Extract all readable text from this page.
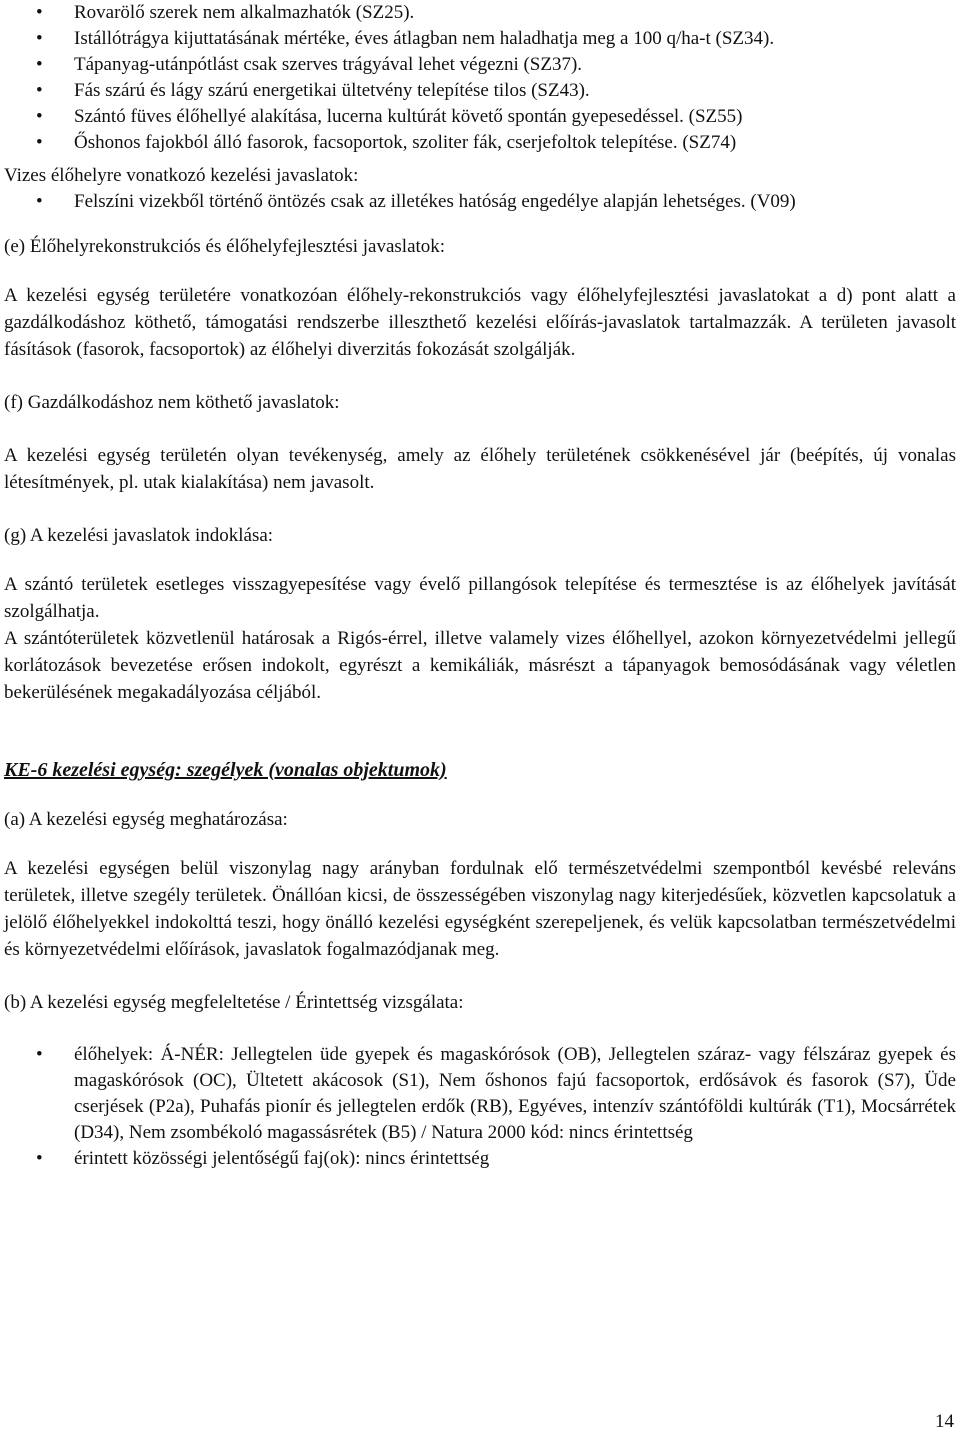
• Rovarölő szerek nem alkalmazhatók (SZ25).
• Istállótrágya kijuttatásának mértéke, éves átlagban nem haladhatja meg a 100 q/ha-t (SZ34).
• Tápanyag-utánpótlást csak szerves trágyával lehet végezni (SZ37).
• Fás szárú és lágy szárú energetikai ültetvény telepítése tilos (SZ43).
• Szántó füves élőhellyé alakítása, lucerna kultúrát követő spontán gyepesedéssel. (SZ55)
• Őshonos fajokból álló fasorok, facsoportok, szoliter fák, cserjefoltok telepítése. (SZ74)

Vizes élőhelyre vonatkozó kezelési javaslatok:

• Felszíni vizekből történő öntözés csak az illetékes hatóság engedélye alapján lehetséges. (V09)

(e) Élőhelyrekonstrukciós és élőhelyfejlesztési javaslatok:

A kezelési egység területére vonatkozóan élőhely-rekonstrukciós vagy élőhelyfejlesztési javaslatokat a d) pont alatt a gazdálkodáshoz köthető, támogatási rendszerbe illeszthető kezelési előírás-javaslatok tartalmazzák. A területen javasolt fásítások (fasorok, facsoportok) az élőhelyi diverzitás fokozását szolgálják.

(f) Gazdálkodáshoz nem köthető javaslatok:

A kezelési egység területén olyan tevékenység, amely az élőhely területének csökkenésével jár (beépítés, új vonalas létesítmények, pl. utak kialakítása) nem javasolt.

(g) A kezelési javaslatok indoklása:

A szántó területek esetleges visszagyepesítése vagy évelő pillangósok telepítése és termesztése is az élőhelyek javítását szolgálhatja.

A szántóterületek közvetlenül határosak a Rigós-érrel, illetve valamely vizes élőhellyel, azokon környezetvédelmi jellegű korlátozások bevezetése erősen indokolt, egyrészt a kemikáliák, másrészt a tápanyagok bemosódásának vagy véletlen bekerülésének megakadályozása céljából.

KE-6 kezelési egység: szegélyek (vonalas objektumok)

(a) A kezelési egység meghatározása:

A kezelési egységen belül viszonylag nagy arányban fordulnak elő természetvédelmi szempontból kevésbé releváns területek, illetve szegély területek. Önállóan kicsi, de összességében viszonylag nagy kiterjedésűek, közvetlen kapcsolatuk a jelölő élőhelyekkel indokolttá teszi, hogy önálló kezelési egységként szerepeljenek, és velük kapcsolatban természetvédelmi és környezetvédelmi előírások, javaslatok fogalmazódjanak meg.

(b) A kezelési egység megfeleltetése / Érintettség vizsgálata:

• élőhelyek: Á-NÉR: Jellegtelen üde gyepek és magaskórósok (OB), Jellegtelen száraz- vagy félszáraz gyepek és magaskórósok (OC), Ültetett akácosok (S1), Nem őshonos fajú facsoportok, erdősávok és fasorok (S7), Üde cserjések (P2a), Puhafás pionír és jellegtelen erdők (RB), Egyéves, intenzív szántóföldi kultúrák (T1), Mocsárrétek (D34), Nem zsombékoló magassásrétek (B5) / Natura 2000 kód: nincs érintettség
• érintett közösségi jelentőségű faj(ok): nincs érintettség
14
